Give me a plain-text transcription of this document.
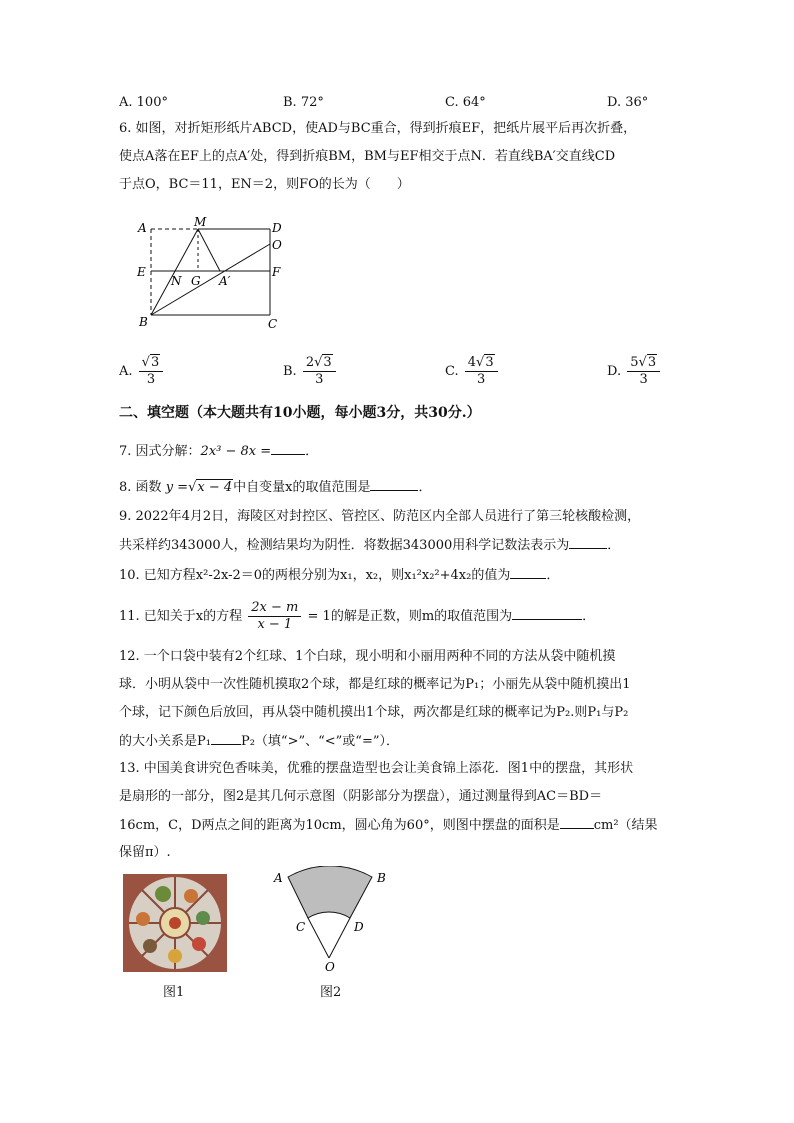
A. 100°	B. 72°	C. 64°	D. 36°
6. 如图，对折矩形纸片ABCD，使AD与BC重合，得到折痕EF，把纸片展平后再次折叠，
使点A落在EF上的点A′处，得到折痕BM，BM与EF相交于点N．若直线BA′交直线CD
于点O，BC＝11，EN＝2，则FO的长为（　　）
A	M	D
O
E
N G A′
F
B	C
A. $\frac{√3}{3}$	B. $\frac{2√3}{3}$	C. $\frac{4√3}{3}$	D. $\frac{5√3}{3}$
二、填空题（本大题共有10小题，每小题3分，共30分.）
7. 因式分解：2x³ − 8x =	．
8. 函数 y =√x − 4中自变量x的取值范围是	．
9. 2022年4月2日，海陵区对封控区、管控区、防范区内全部人员进行了第三轮核酸检测，
共采样约343000人，检测结果均为阴性．将数据343000用科学记数法表示为	．
10. 已知方程x²-2x-2＝0的两根分别为x₁，x₂，则x₁²x₂²+4x₂的值为	．
11. 已知关于x的方程 $\frac{2x - m}{x - 1} = 1$的解是正数，则m的取值范围为	．
12. 一个口袋中装有2个红球、1个白球，现小明和小丽用两种不同的方法从袋中随机摸
球．小明从袋中一次性随机摸取2个球，都是红球的概率记为P₁；小丽先从袋中随机摸出1
个球，记下颜色后放回，再从袋中随机摸出1个球，两次都是红球的概率记为P₂.则P₁与P₂
的大小关系是P₁ P₂（填“>”、“<”或“=”）．
13. 中国美食讲究色香味美，优雅的摆盘造型也会让美食锦上添花．图1中的摆盘，其形状
是扇形的一部分，图2是其几何示意图（阴影部分为摆盘），通过测量得到AC＝BD＝
16cm，C，D两点之间的距离为10cm，圆心角为60°，则图中摆盘的面积是	cm²（结果
保留π）.
图1
A	B
C	D
O
图2
